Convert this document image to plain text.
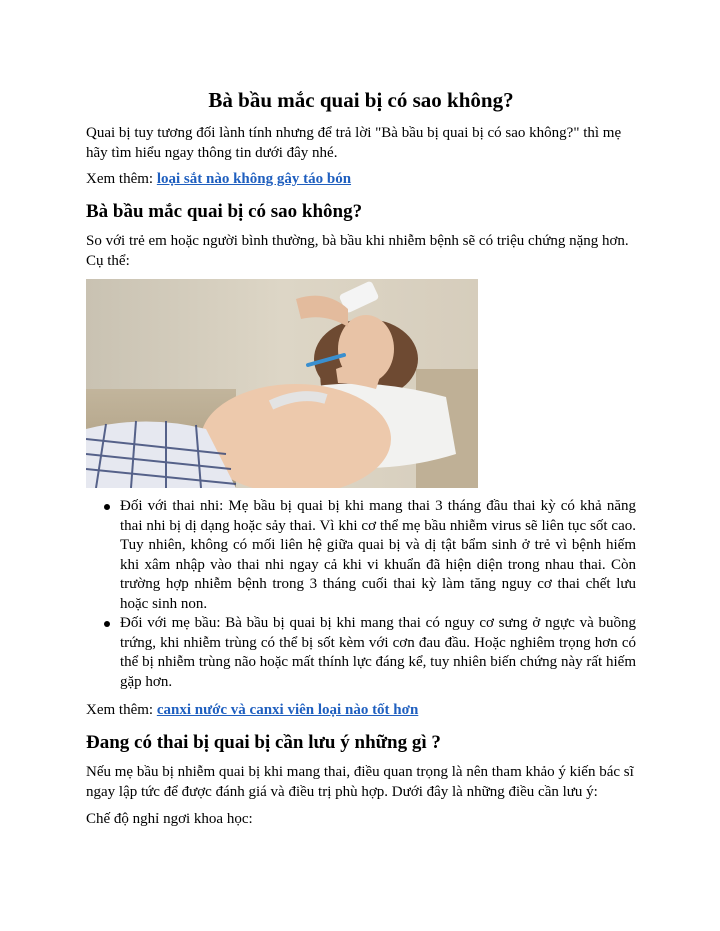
Bà bầu mắc quai bị có sao không?

Quai bị tuy tương đối lành tính nhưng để trả lời "Bà bầu bị quai bị có sao không?" thì mẹ hãy tìm hiểu ngay thông tin dưới đây nhé.

Xem thêm: loại sắt nào không gây táo bón

Bà bầu mắc quai bị có sao không?

So với trẻ em hoặc người bình thường, bà bầu khi nhiễm bệnh sẽ có triệu chứng nặng hơn. Cụ thể:

Đối với thai nhi: Mẹ bầu bị quai bị khi mang thai 3 tháng đầu thai kỳ có khả năng thai nhi bị dị dạng hoặc sảy thai. Vì khi cơ thể mẹ bầu nhiễm virus sẽ liên tục sốt cao. Tuy nhiên, không có mối liên hệ giữa quai bị và dị tật bẩm sinh ở trẻ vì bệnh hiếm khi xâm nhập vào thai nhi ngay cả khi vi khuẩn đã hiện diện trong nhau thai. Còn trường hợp nhiễm bệnh trong 3 tháng cuối thai kỳ làm tăng nguy cơ thai chết lưu hoặc sinh non.
Đối với mẹ bầu: Bà bầu bị quai bị khi mang thai có nguy cơ sưng ở ngực và buồng trứng, khi nhiễm trùng có thể bị sốt kèm với cơn đau đầu. Hoặc nghiêm trọng hơn có thể bị nhiễm trùng não hoặc mất thính lực đáng kể, tuy nhiên biến chứng này rất hiếm gặp hơn.

Xem thêm: canxi nước và canxi viên loại nào tốt hơn

Đang có thai bị quai bị cần lưu ý những gì ?

Nếu mẹ bầu bị nhiễm quai bị khi mang thai, điều quan trọng là nên tham khảo ý kiến bác sĩ ngay lập tức để được đánh giá và điều trị phù hợp. Dưới đây là những điều cần lưu ý:

Chế độ nghỉ ngơi khoa học:
